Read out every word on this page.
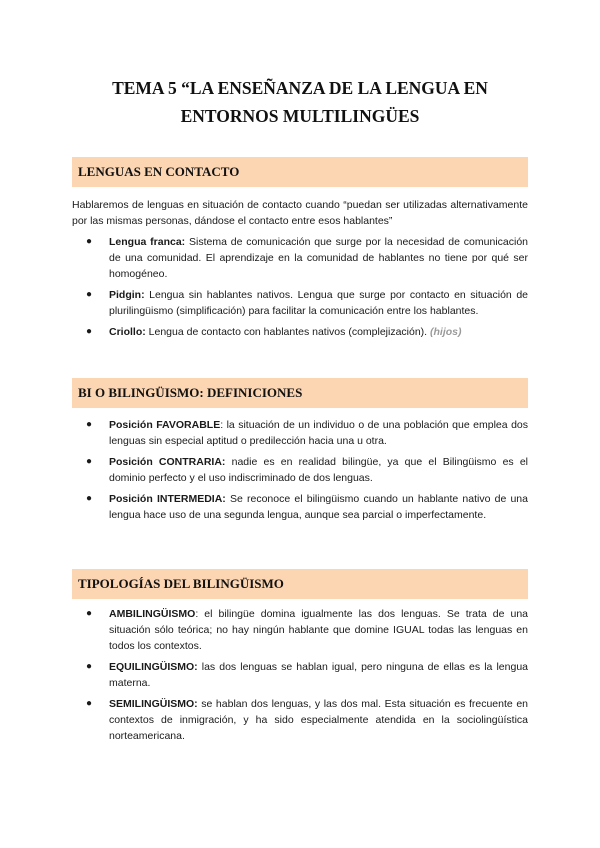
TEMA 5 “LA ENSEÑANZA DE LA LENGUA EN
ENTORNOS MULTILINGÜES
LENGUAS EN CONTACTO
Hablaremos de lenguas en situación de contacto cuando “puedan ser utilizadas alternativamente por las mismas personas, dándose el contacto entre esos hablantes”
● Lengua franca: Sistema de comunicación que surge por la necesidad de comunicación de una comunidad. El aprendizaje en la comunidad de hablantes no tiene por qué ser homogéneo.
● Pidgin: Lengua sin hablantes nativos. Lengua que surge por contacto en situación de plurilingüismo (simplificación) para facilitar la comunicación entre los hablantes.
● Criollo: Lengua de contacto con hablantes nativos (complejización). (hijos)
BI O BILINGÜISMO: DEFINICIONES
● Posición FAVORABLE: la situación de un individuo o de una población que emplea dos lenguas sin especial aptitud o predilección hacia una u otra.
● Posición CONTRARIA: nadie es en realidad bilingüe, ya que el Bilingüismo es el dominio perfecto y el uso indiscriminado de dos lenguas.
● Posición INTERMEDIA: Se reconoce el bilingüismo cuando un hablante nativo de una lengua hace uso de una segunda lengua, aunque sea parcial o imperfectamente.
TIPOLOGÍAS DEL BILINGÜISMO
● AMBILINGÜISMO: el bilingüe domina igualmente las dos lenguas. Se trata de una situación sólo teórica; no hay ningún hablante que domine IGUAL todas las lenguas en todos los contextos.
● EQUILINGÜISMO: las dos lenguas se hablan igual, pero ninguna de ellas es la lengua materna.
● SEMILINGÜISMO: se hablan dos lenguas, y las dos mal. Esta situación es frecuente en contextos de inmigración, y ha sido especialmente atendida en la sociolingüística norteamericana.
